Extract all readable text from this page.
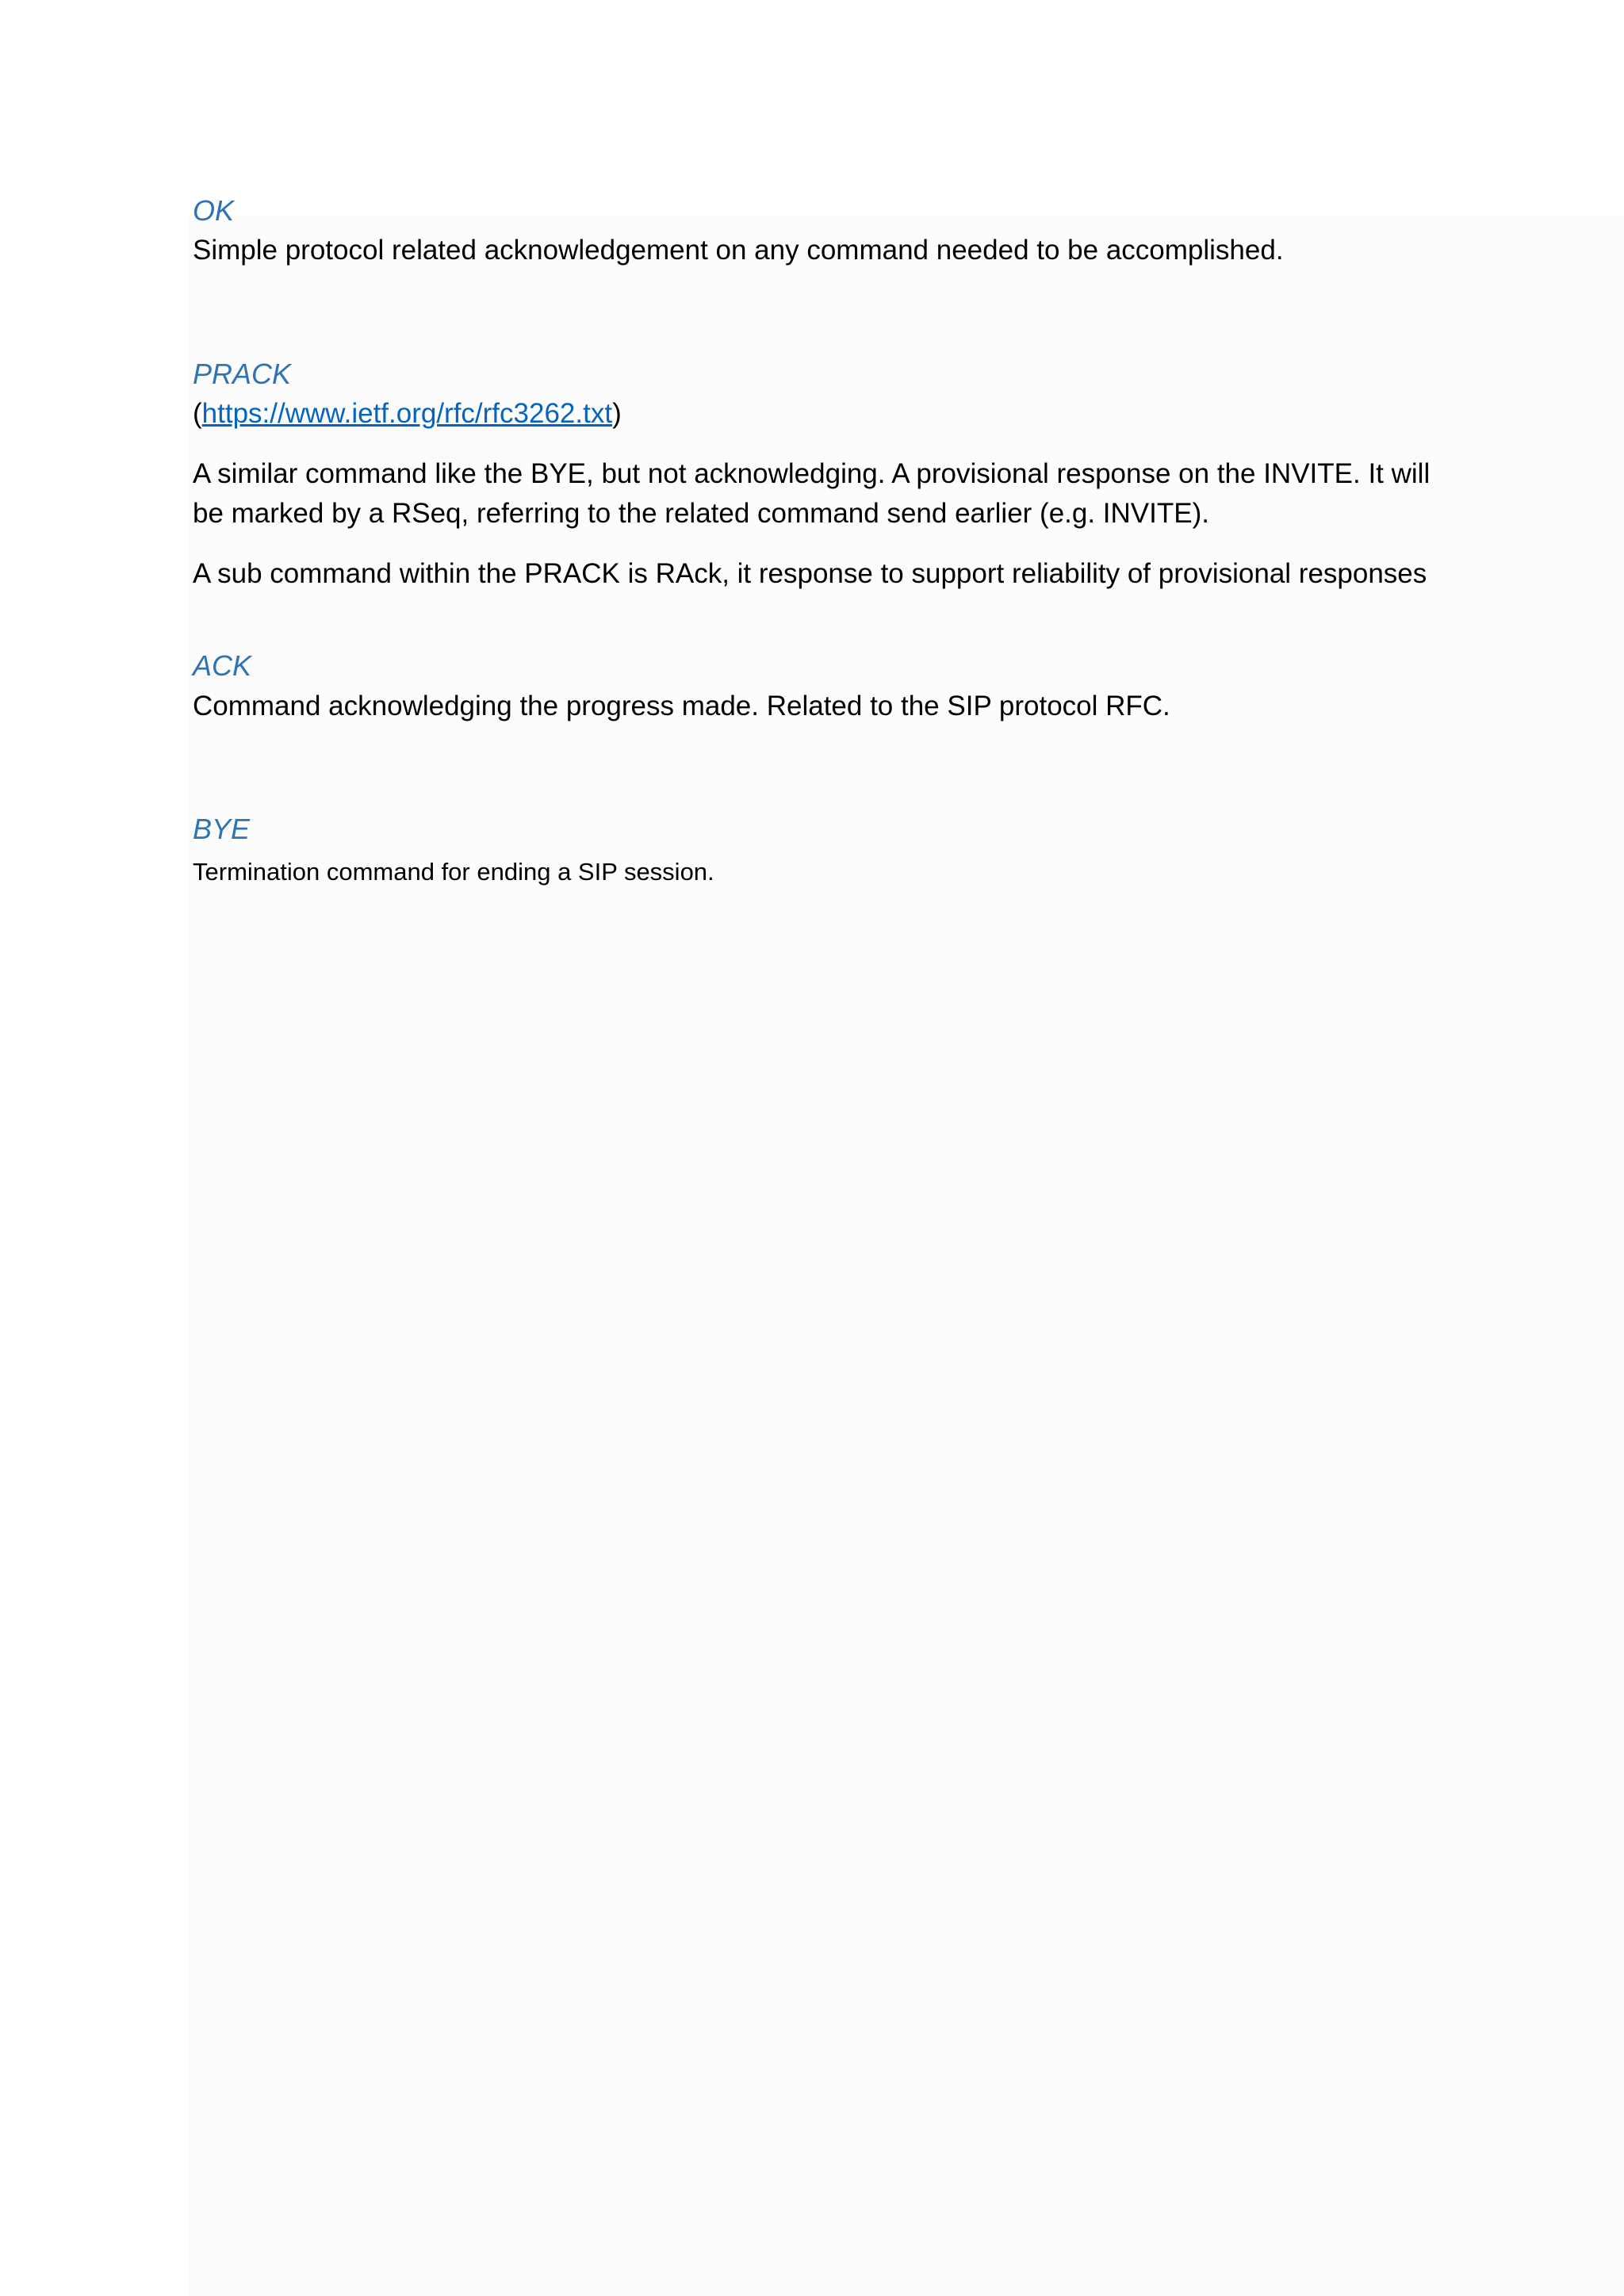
OK

Simple protocol related acknowledgement on any command needed to be accomplished.

PRACK

(https://www.ietf.org/rfc/rfc3262.txt)

A similar command like the BYE, but not acknowledging. A provisional response on the INVITE. It will

be marked by a RSeq, referring to the related command send earlier (e.g. INVITE).

A sub command within the PRACK is RAck, it response to support reliability of provisional responses

ACK

Command acknowledging the progress made. Related to the SIP protocol RFC.

BYE

Termination command for ending a SIP session.
